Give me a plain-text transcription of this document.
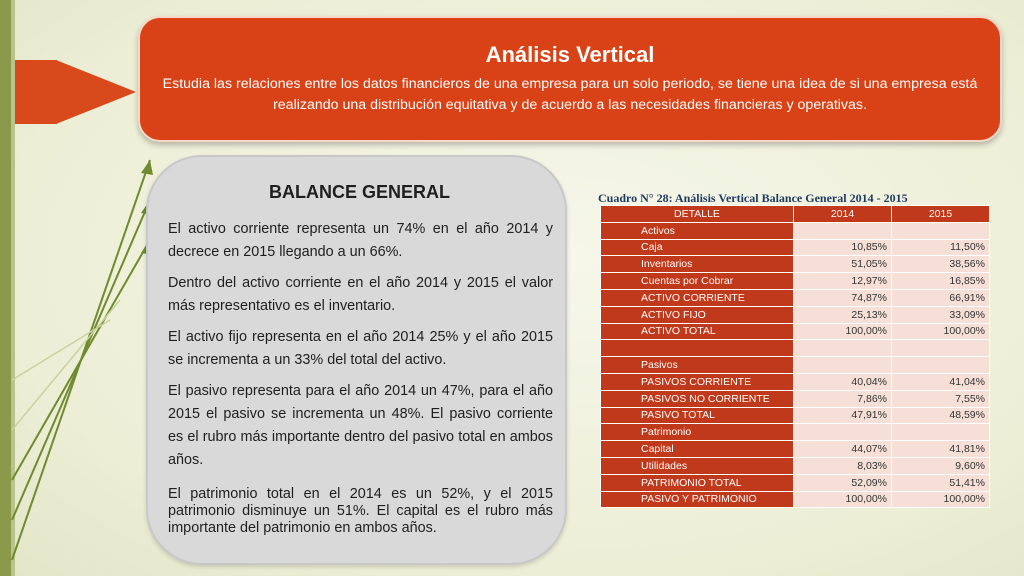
Análisis Vertical
Estudia las relaciones entre los datos financieros de una empresa para un solo periodo, se tiene una idea de si una empresa está realizando una distribución equitativa y de acuerdo a las necesidades financieras y operativas.
BALANCE GENERAL

El activo corriente representa un 74% en el año 2014 y decrece en 2015 llegando a un 66%.

Dentro del activo corriente en el año 2014 y 2015 el valor más representativo es el inventario.

El activo fijo representa en el año 2014 25% y el año 2015 se incrementa a un 33% del total del activo.

El pasivo representa para el año 2014 un 47%, para el año 2015 el pasivo se incrementa un 48%. El pasivo corriente es el rubro más importante dentro del pasivo total en ambos años.

El patrimonio total en el 2014 es un 52%, y el 2015 patrimonio disminuye un 51%. El capital es el rubro más importante del patrimonio en ambos años.

Cuadro N° 28: Análisis Vertical Balance General 2014 - 2015
DETALLE	2014	2015
Activos		
Caja	10,85%	11,50%
Inventarios	51,05%	38,56%
Cuentas por Cobrar	12,97%	16,85%
ACTIVO CORRIENTE	74,87%	66,91%
ACTIVO FIJO	25,13%	33,09%
ACTIVO TOTAL	100,00%	100,00%

Pasivos		
PASIVOS CORRIENTE	40,04%	41,04%
PASIVOS NO CORRIENTE	7,86%	7,55%
PASIVO TOTAL	47,91%	48,59%
Patrimonio		
Capital	44,07%	41,81%
Utilidades	8,03%	9,60%
PATRIMONIO TOTAL	52,09%	51,41%
PASIVO Y PATRIMONIO	100,00%	100,00%
